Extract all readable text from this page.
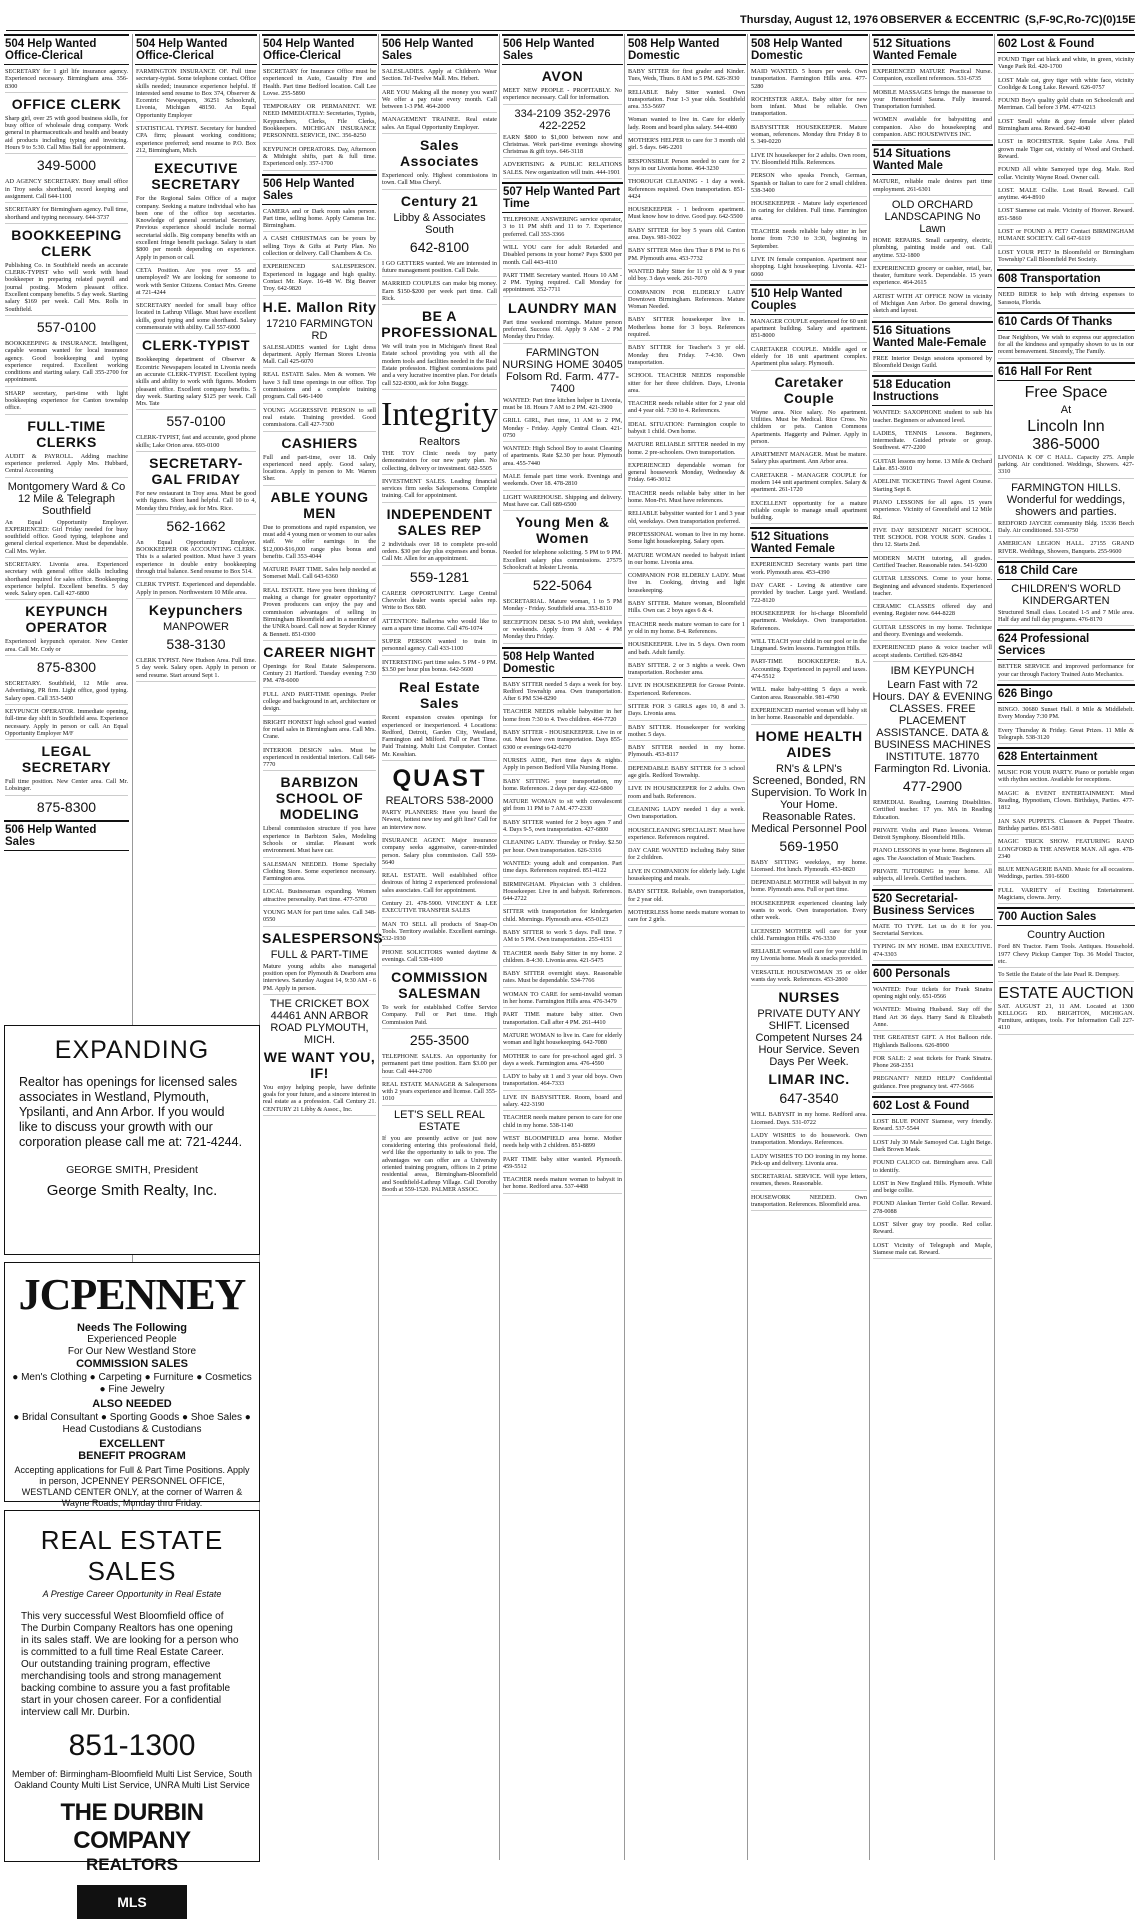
Thursday, August 12, 1976 OBSERVER & ECCENTRIC (S,F-9C,Ro-7C)(0)15E
504 Help Wanted Office-Clerical
SECRETARY for 1 girl life insurance agency. Experienced necessary. Birmingham area. 356-8300
OFFICE CLERK
Sharp girl, over 25 with good business skills, for busy office of wholesale drug company. Work general in pharmaceuticals and health and beauty aid products including typing and invoicing. Hours 9 to 5:30. Call Miss Ball for appointment.
349-5000
AD AGENCY SECRETARY. Busy small office in Troy seeks shorthand, record keeping and assignment. Call 644-1100
SECRETARY for Birmingham agency. Full time, shorthand and typing necessary. 644-3737
BOOKKEEPING CLERK
Publishing Co. in Southfield needs an accurate CLERK-TYPIST who will work with head bookkeeper in preparing related payroll and journal posting. Modern pleasant office. Excellent company benefits. 5 day week. Starting salary $169 per week. Call Mrs. Rolls in Southfield.
557-0100
BOOKKEEPING & INSURANCE. Intelligent, capable woman wanted for local insurance agency. Good bookkeeping and typing experience required. Excellent working conditions and starting salary. Call 355-2700 for appointment.
SHARP secretary, part-time with light bookkeeping experience for Canton township office.
FULL-TIME CLERKS
AUDIT & PAYROLL. Adding machine experience preferred. Apply Mrs. Hubbard, Central Accounting
Montgomery Ward & Co 12 Mile & Telegraph Southfield
An Equal Opportunity Employer. EXPERIENCED: Girl Friday needed for busy southfield office. Good typing, telephone and general clerical experience. Must be dependable. Call Mrs. Wyler.
SECRETARY. Livonia area. Experienced secretary with general office skills including shorthand required for sales office. Bookkeeping experience helpful. Excellent benefits. 5 day week. Salary open. Call 427-6800
KEYPUNCH OPERATOR
Experienced keypunch operator. New Center area. Call Mr. Cody or
875-8300
SECRETARY. Southfield, 12 Mile area. Advertising, PR firm. Light office, good typing. Salary open. Call 353-5400
KEYPUNCH OPERATOR. Immediate opening, full-time day shift in Southfield area. Experience necessary. Apply in person or call. An Equal Opportunity Employer M/F
LEGAL SECRETARY
Full time position. New Center area. Call Mr. Lobsinger.
875-8300
506 Help Wanted Sales
504 Help Wanted Office-Clerical
FARMINGTON INSURANCE OF. Full time secretary-typist. Some telephone contact. Office skills needed; insurance experience helpful. If interested send resume to Box 374, Observer & Eccentric Newspapers, 36251 Schoolcraft, Livonia, Michigan 48150. An Equal Opportunity Employer
STATISTICAL TYPIST. Secretary for hundred CPA firm; pleasant working conditions; experience preferred; send resume to P.O. Box 212, Birmingham, Mich.
EXECUTIVE SECRETARY
For the Regional Sales Office of a major company. Seeking a mature individual who has been one of the office top secretaries. Knowledge of general secretarial Secretary. Previous experience should include normal secretarial skills. Big company benefits with an excellent fringe benefit package. Salary is start $800 per month depending on experience. Apply in person or call.
CETA Position. Are you over 55 and unemployed? We are looking for someone to work with Senior Citizens. Contact Mrs. Greene at 721-4244
SECRETARY needed for small busy office located in Lathrup Village. Must have excellent skills, good typing and some shorthand. Salary commensurate with ability. Call 557-6000
CLERK-TYPIST
Bookkeeping department of Observer & Eccentric Newspapers located in Livonia needs an accurate CLERK-TYPIST. Excellent typing skills and ability to work with figures. Modern pleasant office. Excellent company benefits. 5 day week. Starting salary $125 per week. Call Mrs. Tate
557-0100
CLERK-TYPIST, fast and accurate, good phone skills; Lake Orion area. 693-0100
SECRETARY-GAL FRIDAY
For new restaurant in Troy area. Must be good with figures. Short hand helpful. Call 10 to 4, Monday thru Friday, ask for Mrs. Rice.
562-1662
An Equal Opportunity Employer. BOOKKEEPER OR ACCOUNTING CLERK. This is a salaried position. Must have 3 years experience in double entry bookkeeping through trial balance. Send resume to Box 514.
CLERK TYPIST. Experienced and dependable. Apply in person. Northwestern 10 Mile area.
Keypunchers
MANPOWER
538-3130
CLERK TYPIST. New Hudson Area. Full time. 5 day week. Salary open. Apply in person or send resume. Start around Sept 1.
504 Help Wanted Office-Clerical
SECRETARY for Insurance Office must be experienced in Auto, Casualty Fire and Health. Part time Bedford location. Call Lee Lovse. 255-5890
TEMPORARY OR PERMANENT. WE NEED IMMEDIATELY: Secretaries, Typists, Keypunchers, Clerks, File Clerks, Bookkeepers. MICHIGAN INSURANCE PERSONNEL SERVICE, INC. 356-8250
KEYPUNCH OPERATORS. Day, Afternoon & Midnight shifts, part & full time. Experienced only. 357-1700
506 Help Wanted Sales
CAMERA and or Dark room sales person. Part time, selling home. Apply Cameras Inc. Birmingham.
A CASH CHRISTMAS can be yours by selling Toys & Gifts at Party Plan. No collection or delivery. Call Chambers & Co.
EXPERIENCED SALESPERSON. Experienced in luggage and high quality. Contact Mr. Kaye. 16-48 W. Big Beaver Troy. 642-9820
H.E. Mallon Rity
17210 FARMINGTON RD
SALESLADIES wanted for Light dress department. Apply Herman Stores Livonia Mall. Call 425-6070
REAL ESTATE Sales. Men & women. We have 3 full time openings in our office. Top commissions and a complete training program. Call 646-1400
YOUNG AGGRESSIVE PERSON to sell real estate. Training provided. Good commissions. Call 427-7300
CASHIERS
Full and part-time, over 18. Only experienced need apply. Good salary, locations. Apply in person to Mr. Warren Sher.
ABLE YOUNG MEN
Due to promotions and rapid expansion, we must add 4 young men or women to our sales staff. We offer earnings in the $12,000-$16,000 range plus bonus and benefits. Call 353-4044
MATURE PART TIME. Sales help needed at Somerset Mall. Call 643-6360
REAL ESTATE. Have you been thinking of making a change for greater opportunity? Proven producers can enjoy the pay and commission advantages of selling in Birmingham Bloomfield and in a member of the UNRA board. Call now at Snyder Kinney & Bennett. 851-0300
CAREER NIGHT
Openings for Real Estate Salespersons. Century 21 Hartford. Tuesday evening 7:30 PM. 478-6000
FULL AND PART-TIME openings. Prefer college and background in art, architecture or design.
BRIGHT HONEST high school grad wanted for retail sales in Birmingham area. Call Mrs. Crane.
INTERIOR DESIGN sales. Must be experienced in residential interiors. Call 646-7770
BARBIZON SCHOOL OF MODELING
Liberal commission structure if you have experience in Barbizon Sales, Modeling Schools or similar. Pleasant work environment. Must have car.
SALESMAN NEEDED. Home Specialty Clothing Store. Some experience necessary. Farmington area.
LOCAL Businessman expanding. Women attractive personality. Part time. 477-5700
YOUNG MAN for part time sales. Call 348-0550
SALESPERSONS
FULL & PART-TIME
Mature young adults also managerial position open for Plymouth & Dearborn area interviews. Saturday August 14, 9:30 AM - 6 PM. Apply in person.
THE CRICKET BOX 44461 ANN ARBOR ROAD PLYMOUTH, MICH.
WE WANT YOU, IF!
You enjoy helping people, have definite goals for your future, and a sincere interest in real estate as a profession. Call Century 21. CENTURY 21 Libby & Assoc., Inc.
506 Help Wanted Sales
SALESLADIES. Apply at Children's Wear Section. Tel-Twelve Mall. Mrs. Hebert.
ARE YOU Making all the money you want? We offer a pay raise every month. Call between 1-3 PM. 464-2000
MANAGEMENT TRAINEE. Real estate sales. An Equal Opportunity Employer.
Sales Associates
Experienced only. Highest commissions in town. Call Miss Cheryl.
Century 21
Libby & Associates South
642-8100
I GO GETTERS wanted. We are interested in future management position. Call Dale.
MARRIED COUPLES can make big money. Earn $150-$200 per week part time. Call Rick.
BE A PROFESSIONAL
We will train you in Michigan's finest Real Estate school providing you with all the modern tools and facilities needed in the Real Estate profession. Highest commissions paid and a very lucrative incentive plan. For details call 522-8300, ask for John Buggy.
Integrity
Realtors
THE TOY Clinic needs toy party demonstrators for our new party plan. No collecting, delivery or investment. 682-5505
INVESTMENT SALES. Leading financial services firm seeks Salespersons. Complete training. Call for appointment.
INDEPENDENT SALES REP
2 individuals over 18 to complete pre-sold orders. $30 per day plus expenses and bonus. Call Mr. Allen for an appointment.
559-1281
CAREER OPPORTUNITY. Large Central Chevrolet dealer wants special sales rep. Write to Box 680.
ATTENTION: Ballerina who would like to earn a spare time income. Call 476-1074
SUPER PERSON wanted to train in personnel agency. Call 433-1100
INTERESTING part time sales. 5 PM - 9 PM. $3.50 per hour plus bonus. 642-5600
Real Estate Sales
Recent expansion creates openings for experienced or inexperienced. 4 Locations: Redford, Detroit, Garden City, Westland, Farmington and Milford. Full or Part Time. Paid Training. Multi List Computer. Contact Mr. Kesshian.
QUAST
REALTORS 538-2000
PARTY PLANNERS: Have you heard the Newest, hottest new toy and gift line? Call for an interview now.
INSURANCE AGENT. Major insurance company seeks aggressive, career-minded person. Salary plus commission. Call 559-5640
REAL ESTATE. Well established office desirous of hiring 2 experienced professional sales associates. Call for appointment.
Century 21. 478-5900. VINCENT & LEE EXECUTIVE TRANSFER SALES
MAN TO SELL all products of Snap-On Tools. Territory available. Excellent earnings. 532-1930
PHONE SOLICITORS wanted daytime & evenings. Call 538-4100
COMMISSION SALESMAN
To work for established Coffee Service Company. Full or Part time. High Commission Paid.
255-3500
TELEPHONE SALES. An opportunity for permanent part time position. Earn $3.00 per hour. Call 444-2700
REAL ESTATE MANAGER & Salespersons with 2 years experience and license. Call 355-1010
LET'S SELL REAL ESTATE
If you are presently active or just now considering entering this professional field, we'd like the opportunity to talk to you. The advantages we can offer are a University oriented training program, offices in 2 prime residential areas, Birmingham-Bloomfield and Southfield-Lathrup Village. Call Dorothy Booth at 559-1520. PALMER ASSOC.
506 Help Wanted Sales
AVON
MEET NEW PEOPLE - PROFITABLY. No experience necessary. Call for information.
334-2109 352-2976 422-2252
EARN $800 to $1,000 between now and Christmas. Work part-time evenings showing Christmas & gift toys. 646-3118
ADVERTISING & PUBLIC RELATIONS SALES. New organization will train. 444-1901
507 Help Wanted Part Time
TELEPHONE ANSWERING service operator, 3 to 11 PM shift and 11 to 7. Experience preferred. Call 353-3366
WILL YOU care for adult Retarded and Disabled persons in your home? Pays $300 per month. Call 443-4110
PART TIME Secretary wanted. Hours 10 AM - 2 PM. Typing required. Call Monday for appointment. 352-7711
LAUNDRY MAN
Part time weekend mornings. Mature person preferred. Success Oil. Apply 9 AM - 2 PM Monday thru Friday.
FARMINGTON NURSING HOME 30405 Folsom Rd. Farm. 477-7400
WANTED: Part time kitchen helper in Livonia, must be 18. Hours 7 AM to 2 PM. 421-3900
GRILL GIRL, Part time, 11 AM to 2 PM, Monday - Friday. Apply Central Clean. 421-0750
WANTED: High School Boy to assist Cleaning of apartments. Rate $2.30 per hour. Plymouth area. 455-7440
MALE female part time work. Evenings and weekends. Over 18. 478-2810
LIGHT WAREHOUSE. Shipping and delivery. Must have car. Call 689-6500
Young Men & Women
Needed for telephone soliciting. 5 PM to 9 PM. Excellent salary plus commissions. 27575 Schoolcraft at Inkster Livonia.
522-5064
SECRETARIAL. Mature woman, 1 to 5 PM Monday - Friday. Southfield area. 353-8110
RECEPTION DESK 5-10 PM shift, weekdays or weekends. Apply from 9 AM - 4 PM Monday thru Friday.
508 Help Wanted Domestic
BABY SITTER needed 5 days a week for boy. Redford Township area. Own transportation. After 6 PM 534-8290
TEACHER NEEDS reliable babysitter in her home from 7:30 to 4. Two children. 464-7720
BABY SITTER - HOUSEKEEPER. Live in or out. Must have own transportation. Days 855-6300 or evenings 642-0270
NURSES AIDE, Part time days & nights. Apply in person Bedford Villa Nursing Home.
BABY SITTING your transportation, my home. References. 2 days per day. 422-6800
MATURE WOMAN to sit with convalescent girl from 11 PM to 7 AM. 477-2330
BABY SITTER wanted for 2 boys ages 7 and 4. Days 9-5, own transportation. 427-6800
CLEANING LADY. Thursday or Friday. $2.50 per hour. Own transportation. 626-3316
WANTED: young adult and companion. Part time days. References required. 851-4122
BIRMINGHAM. Physician with 3 children. Housekeeper. Live in and babysit. References. 644-2722
SITTER with transportation for kindergarten child. Mornings. Plymouth area. 455-0123
BABY SITTER to work 5 days. Full time. 7 AM to 5 PM. Own transportation. 255-4151
TEACHER needs Baby Sitter in my home. 2 children. 8-4:30. Livonia area. 421-5475
BABY SITTER overnight stays. Reasonable rates. Must be dependable. 534-7766
WOMAN TO CARE for semi-invalid woman in her home. Farmington Hills area. 476-3479
PART TIME mature baby sitter. Own transportation. Call after 4 PM. 261-4410
MATURE WOMAN to live in. Care for elderly woman and light housekeeping. 642-7080
MOTHER to care for pre-school aged girl. 3 days a week. Farmington area. 476-4590
LADY to baby sit 1 and 3 year old boys. Own transportation. 464-7333
LIVE IN BABYSITTER. Room, board and salary. 422-3190
TEACHER needs mature person to care for one child in my home. 538-1140
WEST BLOOMFIELD area home. Mother needs help with 2 children. 851-8899
PART TIME baby sitter wanted. Plymouth. 459-5512
TEACHER needs mature woman to babysit in her home. Redford area. 537-4488
508 Help Wanted Domestic
BABY SITTER for first grader and Kinder. Tues, Weds, Thurs. 8 AM to 5 PM. 626-3930
RELIABLE Baby Sitter wanted. Own transportation. Four 1-3 year olds. Southfield area. 353-5697
Woman wanted to live in. Care for elderly lady. Room and board plus salary. 544-4080
MOTHER'S HELPER to care for 3 month old girl. 5 days. 646-2201
RESPONSIBLE Person needed to care for 2 boys in our Livonia home. 464-3230
THOROUGH CLEANING - 1 day a week. References required. Own transportation. 851-4424
HOUSEKEEPER - 1 bedroom apartment. Must know how to drive. Good pay. 642-5500
BABY SITTER for boy 5 years old. Canton area. Days. 981-3022
BABY SITTER Mon thru Thur 8 PM to Fri 6 PM. Plymouth area. 453-7732
WANTED Baby Sitter for 11 yr old & 9 year old boy. 3 days week. 261-7070
COMPANION FOR ELDERLY LADY Downtown Birmingham. References. Mature Woman Needed.
BABY SITTER housekeeper live in. Motherless home for 3 boys. References required.
BABY SITTER for Teacher's 3 yr old. Monday thru Friday. 7-4:30. Own transportation.
SCHOOL TEACHER NEEDS responsible sitter for her three children. Days, Livonia area.
TEACHER needs reliable sitter for 2 year old and 4 year old. 7:30 to 4. References.
IDEAL SITUATION: Farmington couple to babysit 1 child. Own home.
MATURE RELIABLE SITTER needed in my home. 2 pre-schoolers. Own transportation.
EXPERIENCED dependable woman for general housework Monday, Wednesday & Friday. 646-3012
TEACHER needs reliable baby sitter in her home. Mon-Fri. Must have references.
RELIABLE babysitter wanted for 1 and 3 year old, weekdays. Own transportation preferred.
PROFESSIONAL woman to live in my home. Some light housekeeping. Salary open.
MATURE WOMAN needed to babysit infant in our home. Livonia area.
COMPANION FOR ELDERLY LADY. Must live in. Cooking, driving and light housekeeping.
BABY SITTER. Mature woman, Bloomfield Hills. Own car. 2 boys ages 6 & 4.
TEACHER needs mature woman to care for 1 yr old in my home. 8-4. References.
HOUSEKEEPER. Live in. 5 days. Own room and bath. Adult family.
BABY SITTER. 2 or 3 nights a week. Own transportation. Rochester area.
LIVE IN HOUSEKEEPER for Grosse Pointe. Experienced. References.
SITTER FOR 3 GIRLS ages 10, 8 and 3. Days. Livonia area.
BABY SITTER. Housekeeper for working mother. 5 days.
BABY SITTER needed in my home. Plymouth. 453-8117
DEPENDABLE BABY SITTER for 3 school age girls. Redford Township.
LIVE IN HOUSEKEEPER for 2 adults. Own room and bath. References.
CLEANING LADY needed 1 day a week. Own transportation.
HOUSECLEANING SPECIALIST. Must have experience. References required.
DAY CARE WANTED including Baby Sitter for 2 children.
LIVE IN COMPANION for elderly lady. Light housekeeping and meals.
BABY SITTER. Reliable, own transportation, for 2 year old.
MOTHERLESS home needs mature woman to care for 2 girls.
508 Help Wanted Domestic
MAID WANTED. 5 hours per week. Own transportation. Farmington Hills area. 477-5280
ROCHESTER AREA. Baby sitter for new born infant. Must be reliable. Own transportation.
BABYSITTER HOUSEKEEPER. Mature woman, references. Monday thru Friday 8 to 5. 349-0220
LIVE IN housekeeper for 2 adults. Own room, TV. Bloomfield Hills. References.
PERSON who speaks French, German, Spanish or Italian to care for 2 small children. 538-3400
HOUSEKEEPER - Mature lady experienced in caring for children. Full time. Farmington area.
TEACHER needs reliable baby sitter in her home from 7:30 to 3:30, beginning in September.
LIVE IN female companion. Apartment near shopping. Light housekeeping. Livonia. 421-6060
510 Help Wanted Couples
MANAGER COUPLE experienced for 60 unit apartment building. Salary and apartment. 851-8000
CARETAKER COUPLE. Middle aged or elderly for 18 unit apartment complex. Apartment plus salary. Plymouth.
Caretaker Couple
Wayne area. Nice salary. No apartment. Utilities. Must be Medical. Rice Cross. No children or pets. Canton Commons Apartments. Haggerty and Palmer. Apply in person.
APARTMENT MANAGER. Must be mature. Salary plus apartment. Ann Arbor area.
CARETAKER - MANAGER COUPLE for modern 144 unit apartment complex. Salary & apartment. 261-1720
EXCELLENT opportunity for a mature reliable couple to manage small apartment building.
512 Situations Wanted Female
EXPERIENCED Secretary wants part time work. Plymouth area. 453-4390
DAY CARE - Loving & attentive care provided by teacher. Large yard. Westland. 722-8120
HOUSEKEEPER for hi-charge Bloomfield apartment. Weekdays. Own transportation. References.
WILL TEACH your child in our pool or in the Lingmand. Swim lessons. Farmington Hills.
PART-TIME BOOKKEEPER: B.A. Accounting. Experienced in payroll and taxes. 474-5512
WILL make baby-sitting 5 days a week. Canton area. Reasonable. 981-4790
EXPERIENCED married woman will baby sit in her home. Reasonable and dependable.
HOME HEALTH AIDES
RN's & LPN's Screened, Bonded, RN Supervision. To Work In Your Home. Reasonable Rates. Medical Personnel Pool
569-1950
BABY SITTING weekdays, my home. Licensed. Hot lunch. Plymouth. 453-8820
DEPENDABLE MOTHER will babysit in my home. Plymouth area. Full or part time.
HOUSEKEEPER experienced cleaning lady wants to work. Own transportation. Every other week.
LICENSED MOTHER will care for your child. Farmington Hills. 476-3330
RELIABLE woman will care for your child in my Livonia home. Meals & snacks provided.
VERSATILE HOUSEWOMAN 35 or older wants day work. References. 453-2800
NURSES
PRIVATE DUTY ANY SHIFT. Licensed Competent Nurses 24 Hour Service. Seven Days Per Week.
LIMAR INC.
647-3540
WILL BABYSIT in my home. Redford area. Licensed. Days. 531-0722
LADY WISHES to do housework. Own transportation. Mondays. References.
LADY WISHES TO DO ironing in my home. Pick-up and delivery. Livonia area.
SECRETARIAL SERVICE. Will type letters, resumes, theses. Reasonable.
HOUSEWORK NEEDED. Own transportation. References. Bloomfield area.
512 Situations Wanted Female
EXPERIENCED MATURE Practical Nurse. Companion, excellent references. 531-6735
MOBILE MASSAGES brings the masseuse to your Hemorrhoid Sauna. Fully insured. Transportation furnished.
WOMEN available for babysitting and companion. Also do housekeeping and companion. ABC HOUSEWIVES INC.
514 Situations Wanted Male
MATURE, reliable male desires part time employment. 261-6301
OLD ORCHARD LANDSCAPING No Lawn
HOME REPAIRS. Small carpentry, electric, plumbing, painting inside and out. Call anytime. 532-1800
EXPERIENCED grocery or cashier, retail, bar, theater, furniture work. Dependable. 15 years experience. 464-2615
ARTIST WITH AT OFFICE NOW in vicinity of Michigan Ann Arbor. Do general drawing, sketch and layout.
516 Situations Wanted Male-Female
FREE Interior Design sessions sponsored by Bloomfield Design Guild.
518 Education Instructions
WANTED: SAXOPHONE student to sub his teacher. Beginners or advanced level.
LADIES, TENNIS Lessons. Beginners, intermediate. Guided private or group. Southwest. 477-2200
GUITAR lessons my home. 13 Mile & Orchard Lake. 851-3910
ADELINE TICKETING Travel Agent Course. Starting Sept 8.
PIANO LESSONS for all ages. 15 years experience. Vicinity of Greenfield and 12 Mile Rd.
FIVE DAY RESIDENT NIGHT SCHOOL. THE SCHOOL FOR YOUR SON. Grades 1 thru 12. Starts 2nd.
MODERN MATH tutoring, all grades. Certified Teacher. Reasonable rates. 541-9200
GUITAR LESSONS. Come to your home. Beginning and advanced students. Experienced teacher.
CERAMIC CLASSES offered day and evening. Register now. 644-8228
GUITAR LESSONS in my home. Technique and theory. Evenings and weekends.
EXPERIENCED piano & voice teacher will accept students. Certified. 626-8842
IBM KEYPUNCH
Learn Fast with 72 Hours. DAY & EVENING CLASSES. FREE PLACEMENT ASSISTANCE. DATA & BUSINESS MACHINES INSTITUTE. 18770 Farmington Rd. Livonia.
477-2900
REMEDIAL Reading, Learning Disabilities. Certified teacher. 17 yrs. MA in Reading Education.
PRIVATE Violin and Piano lessons. Veteran Detroit Symphony. Bloomfield Hills.
PIANO LESSONS in your home. Beginners all ages. The Association of Music Teachers.
PRIVATE TUTORING in your home. All subjects, all levels. Certified teachers.
520 Secretarial-Business Services
MATE TO TYPE. Let us do it for you. Secretarial Services.
TYPING IN MY HOME. IBM EXECUTIVE. 474-3303
600 Personals
WANTED: Four tickets for Frank Sinatra opening night only. 651-0566
WANTED: Missing Husband. Stay off the Hand Art 36 days. Harry Sand & Elizabeth Anne.
THE GREATEST GIFT. A Hot Balloon ride. Highlands Balloons. 626-8900
FOR SALE: 2 seat tickets for Frank Sinatra. Phone 268-2351
PREGNANT? NEED HELP? Confidential guidance. Free pregnancy test. 477-5666
602 Lost & Found
LOST BLUE POINT Siamese, very friendly. Reward. 537-5544
LOST July 30 Male Samoyed Cat. Light Beige. Dark Brown Mask.
FOUND CALICO cat. Birmingham area. Call to identify.
LOST in New England Hills. Plymouth. White and beige collie.
FOUND Alaskan Terrier Gold Collar. Reward. 278-0088
LOST Silver gray toy poodle. Red collar. Reward.
LOST Vicinity of Telegraph and Maple, Siamese male cat. Reward.
602 Lost & Found
FOUND Tiger cat black and white, in green, vicinity Vange Park Rd. 420-1700
LOST Male cat, grey tiger with white face, vicinity Coolidge & Long Lake. Reward. 626-0757
FOUND Boy's quality gold chain on Schoolcraft and Merriman. Call before 3 PM. 477-0213
LOST Small white & gray female silver plated Birmingham area. Reward. 642-4040
LOST in ROCHESTER. Squire Lake Area. Full grown male Tiger cat, vicinity of Wood and Orchard. Reward.
FOUND All white Samoyed type dog. Male. Red collar. Vicinity Wayne Road. Owner call.
LOST. MALE Collie. Lost Road. Reward. Call anytime. 464-8910
LOST Siamese cat male. Vicinity of Hoover. Reward. 851-5860
LOST or FOUND A PET? Contact BIRMINGHAM HUMANE SOCIETY. Call 647-6119
LOST YOUR PET? In Bloomfield or Birmingham Township? Call Bloomfield Pet Society.
608 Transportation
NEED RIDER to help with driving expenses to Sarasota, Florida.
610 Cards Of Thanks
Dear Neighbors, We wish to express our appreciation for all the kindness and sympathy shown to us in our recent bereavement. Sincerely, The Family.
616 Hall For Rent
Free Space
At
Lincoln Inn
386-5000
LIVONIA K OF C HALL. Capacity 275. Ample parking. Air conditioned. Weddings, Showers. 427-3310
FARMINGTON HILLS. Wonderful for weddings, showers and parties.
REDFORD JAYCEE community Bldg. 15336 Beech Daly. Air conditioned. 531-5750
AMERICAN LEGION HALL. 27155 GRAND RIVER. Weddings, Showers, Banquets. 255-9600
618 Child Care
CHILDREN'S WORLD KINDERGARTEN
Structured Small class. Located 1-5 and 7 Mile area. Half day and full day programs. 476-8170
624 Professional Services
BETTER SERVICE and improved performance for your car through Factory Trained Auto Mechanics.
626 Bingo
BINGO. 30680 Sunset Hall. 8 Mile & Middlebelt. Every Monday 7:30 PM.
Every Thursday & Friday. Great Prizes. 11 Mile & Telegraph. 538-3120
628 Entertainment
MUSIC FOR YOUR PARTY. Piano or portable organ with rhythm section. Available for receptions.
MAGIC & EVENT ENTERTAINMENT. Mind Reading, Hypnotism, Clown. Birthdays, Parties. 477-1812
JAN SAN PUPPETS. Claussen & Puppet Theatre. Birthday parties. 851-5811
MAGIC TRICK SHOW. FEATURING RAND LONGFORD & THE ANSWER MAN. All ages. 478-2340
BLUE MENAGERIE BAND. Music for all occasions. Weddings, parties. 591-6600
FULL VARIETY of Exciting Entertainment. Magicians, clowns. Jerry.
700 Auction Sales
Country Auction
Ford 8N Tractor. Farm Tools. Antiques. Household. 1977 Chevy Pickup Camper Top. 36 Model Tractor, etc.
To Settle the Estate of the late Pearl R. Dempsey.
ESTATE AUCTION
SAT. AUGUST 21, 11 AM. Located at 1300 KELLOGG RD. BRIGHTON, MICHIGAN. Furniture, antiques, tools. For Information Call 227-4110
EXPANDING
Realtor has openings for licensed sales associates in Westland, Plymouth, Ypsilanti, and Ann Arbor. If you would like to discuss your growth with our corporation please call me at: 721-4244.
GEORGE SMITH, President
George Smith Realty, Inc.
JCPENNEY
Needs The Following
Experienced People
For Our New Westland Store
COMMISSION SALES
● Men's Clothing ● Carpeting ● Furniture ● Cosmetics ● Fine Jewelry
ALSO NEEDED
● Bridal Consultant ● Sporting Goods ● Shoe Sales ● Head Custodians & Custodians
EXCELLENT
BENEFIT PROGRAM
Accepting applications for Full & Part Time Positions. Apply in person, JCPENNEY PERSONNEL OFFICE, WESTLAND CENTER ONLY, at the corner of Warren & Wayne Roads, Monday thru Friday.
REAL ESTATE SALES
A Prestige Career Opportunity in Real Estate
This very successful West Bloomfield office of The Durbin Company Realtors has one opening in its sales staff. We are looking for a person who is committed to a full time Real Estate Career. Our outstanding training program, effective merchandising tools and strong management backing combine to assure you a fast profitable start in your chosen career. For a confidential interview call Mr. Durbin.
851-1300
Member of: Birmingham-Bloomfield Multi List Service, South Oakland County Multi List Service, UNRA Multi List Service
THE DURBIN COMPANY
REALTORS
MLS
